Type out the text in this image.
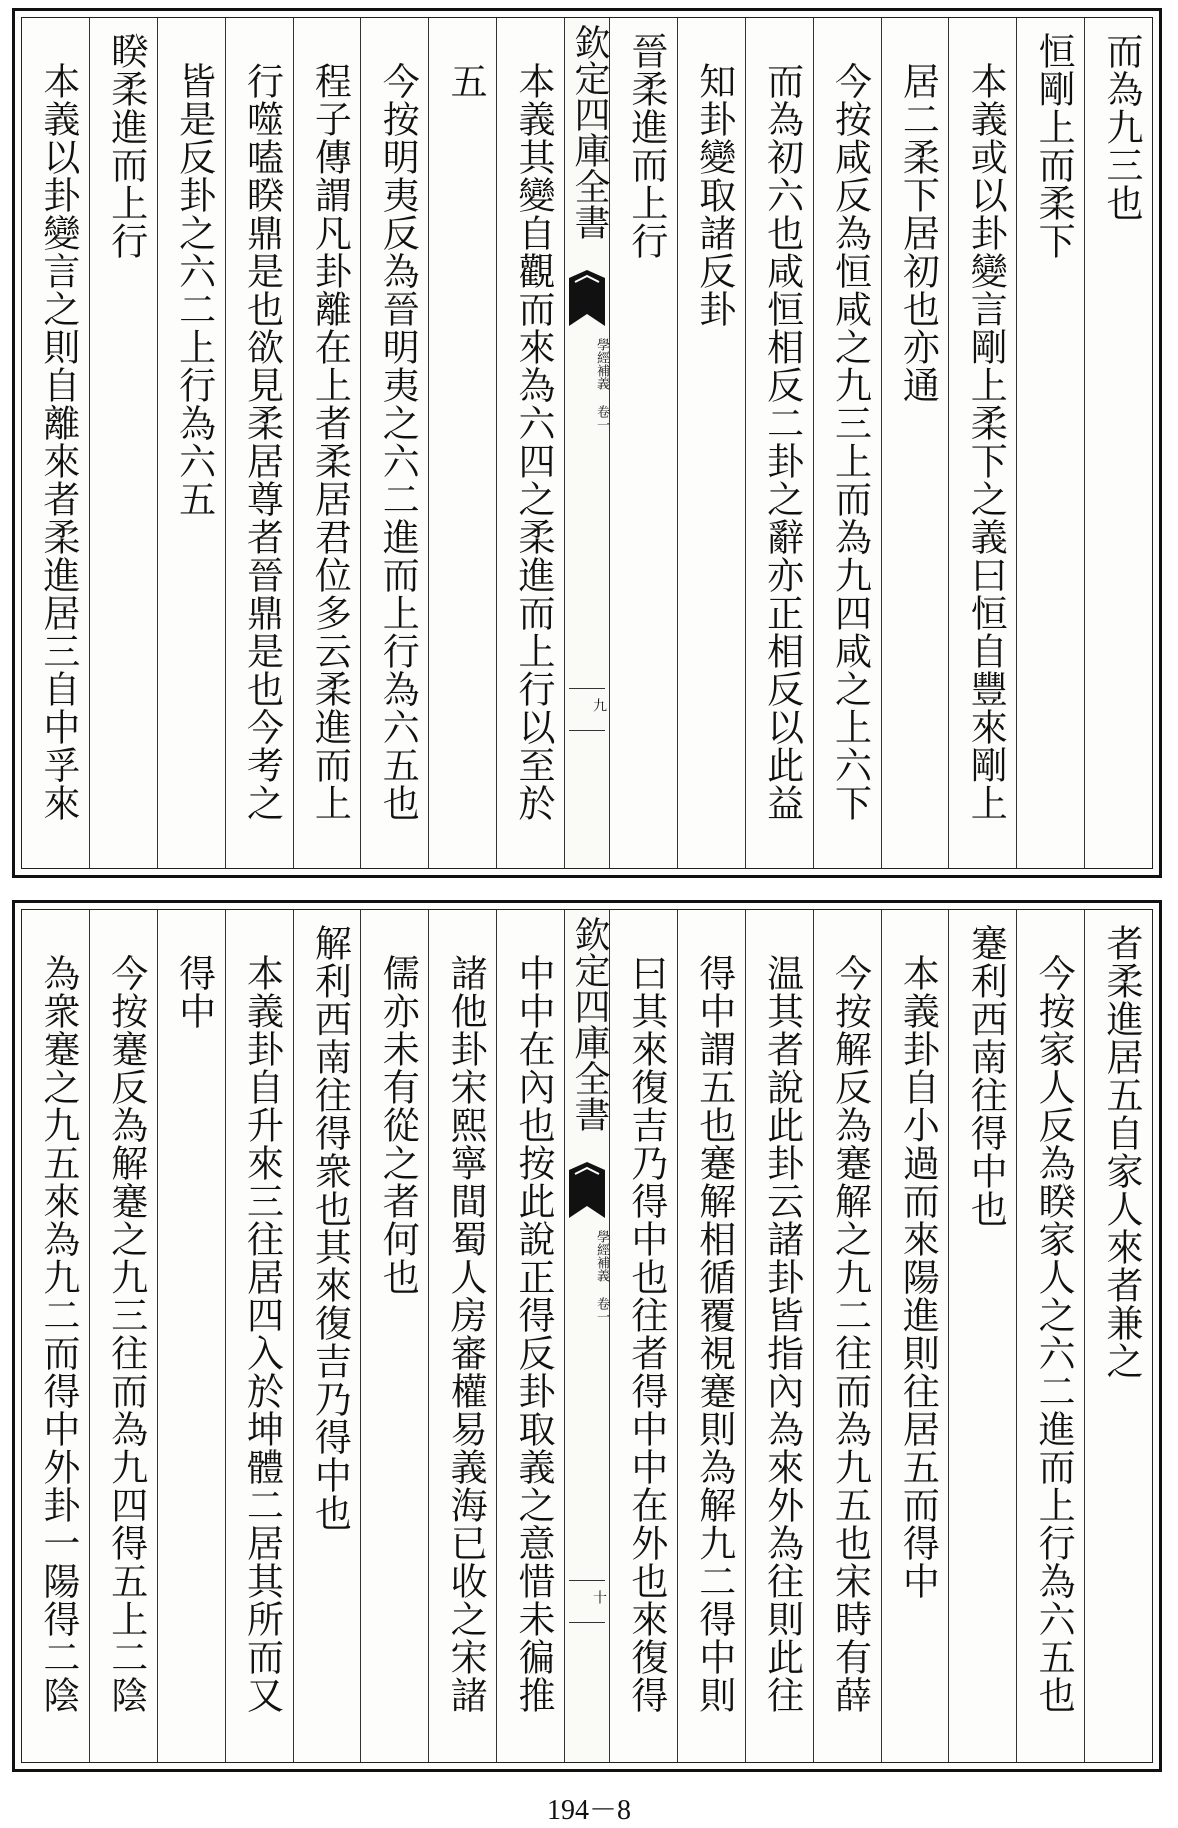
而為九三也
恒剛上而柔下
本義或以卦變言剛上柔下之義曰恒自豐來剛上
居二柔下居初也亦通
今按咸反為恒咸之九三上而為九四咸之上六下
而為初六也咸恒相反二卦之辭亦正相反以此益
知卦變取諸反卦
晉柔進而上行
欽定四庫全書
學經補義 卷一
九
本義其變自觀而來為六四之柔進而上行以至於
五
今按明夷反為晉明夷之六二進而上行為六五也
程子傳謂凡卦離在上者柔居君位多云柔進而上
行噬嗑睽鼎是也欲見柔居尊者晉鼎是也今考之
皆是反卦之六二上行為六五
睽柔進而上行
本義以卦變言之則自離來者柔進居三自中孚來
者柔進居五自家人來者兼之
今按家人反為睽家人之六二進而上行為六五也
蹇利西南往得中也
本義卦自小過而來陽進則往居五而得中
今按解反為蹇解之九二往而為九五也宋時有薛
温其者說此卦云諸卦皆指內為來外為往則此往
得中謂五也蹇解相循覆視蹇則為解九二得中則
曰其來復吉乃得中也往者得中中在外也來復得
欽定四庫全書
學經補義 卷一
十
中中在內也按此說正得反卦取義之意惜未徧推
諸他卦宋熙寧間蜀人房審權易義海已收之宋諸
儒亦未有從之者何也
解利西南往得衆也其來復吉乃得中也
本義卦自升來三往居四入於坤體二居其所而又
得中
今按蹇反為解蹇之九三往而為九四得五上二陰
為衆蹇之九五來為九二而得中外卦一陽得二陰
194－8
